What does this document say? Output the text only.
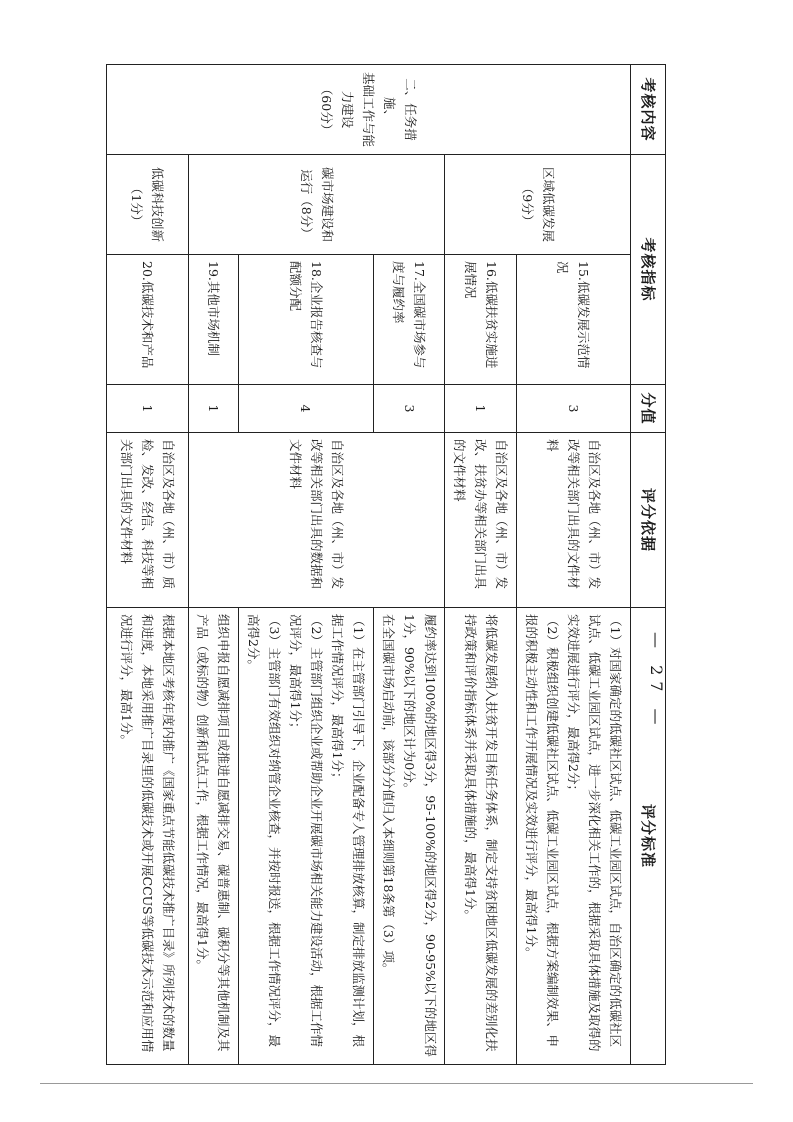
考核内容	考核指标		分值	评分依据	评分标准

二、任务措施、
基础工作与能
力建设
（60分）	区域低碳发展
（9分）	15.低碳发展示范情况	3	自治区及各地（州、市）发改等相关部门出具的文件材料	（1）对国家确定的低碳社区试点、低碳工业园区试点，自治区确定的低碳社区试点、低碳工业园区试点，进一步深化相关工作的，根据采取具体措施及取得的实效进展进行评分，最高得2分；
（2）积极组织创建低碳社区试点、低碳工业园区试点，根据方案编制效果、申报的积极主动性和工作开展情况及实效进行评分，最高得1分。

		16.低碳扶贫实施进展情况	1	自治区及各地（州、市）发改、扶贫办等相关部门出具的文件材料	将低碳发展纳入扶贫开发目标任务体系，制定支持贫困地区低碳发展的差别化扶持政策和评价指标体系并采取具体措施的，最高得1分。

	碳市场建设和
运行（8分）	17.全国碳市场参与度与履约率	3	自治区及各地（州、市）发改等相关部门出具的数据和文件材料	履约率达到100%的地区得3分，95-100%的地区得2分，90-95%以下的地区得1分，90%以下的地区计为0分。
在全国碳市场启动前，该部分分值归入本细则第18条第（3）项。

		18.企业报告核查与配额分配	4		（1）在主管部门引导下，企业配备专人管理排放核算，制定排放监测计划，根据工作情况评分，最高得1分；
（2）主管部门组织企业或帮助企业开展碳市场相关能力建设活动，根据工作情况评分，最高得1分；
（3）主管部门有效组织对纳管企业核查，并按时报送，根据工作情况评分，最高得2分。

		19.其他市场机制	1		组织申报自愿减排项目或推进自愿减排交易、碳普惠制、碳积分等其他机制及其产品（或标的物）创新和试点工作，根据工作情况，最高得1分。

	低碳科技创新
（1分）	20.低碳技术和产品	1	自治区及各地（州、市）质检、发改、经信、科技等相关部门出具的文件材料	根据本地区考核年度内推广《国家重点节能低碳技术推广目录》所列技术的数量和进度，本地采用推广目录里的低碳技术或开展CCUS等低碳技术示范和应用情况进行评分，最高1分。	— 27 —
